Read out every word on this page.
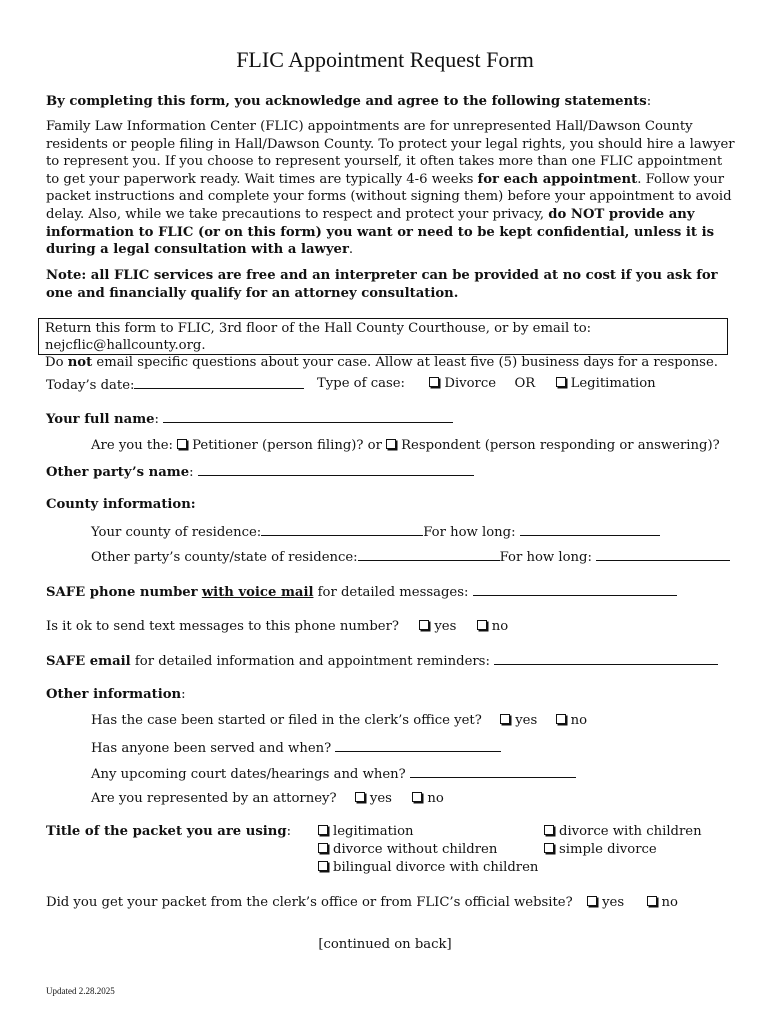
FLIC Appointment Request Form
By completing this form, you acknowledge and agree to the following statements:
Family Law Information Center (FLIC) appointments are for unrepresented Hall/Dawson County residents or people filing in Hall/Dawson County. To protect your legal rights, you should hire a lawyer to represent you. If you choose to represent yourself, it often takes more than one FLIC appointment to get your paperwork ready. Wait times are typically 4-6 weeks for each appointment. Follow your packet instructions and complete your forms (without signing them) before your appointment to avoid delay. Also, while we take precautions to respect and protect your privacy, do NOT provide any information to FLIC (or on this form) you want or need to be kept confidential, unless it is during a legal consultation with a lawyer.
Note: all FLIC services are free and an interpreter can be provided at no cost if you ask for one and financially qualify for an attorney consultation.
Return this form to FLIC, 3rd floor of the Hall County Courthouse, or by email to: nejcflic@hallcounty.org.
Do not email specific questions about your case. Allow at least five (5) business days for a response.
Today’s date:	Type of case:	Divorce OR	Legitimation
Your full name:
Are you the: Petitioner (person filing)? or Respondent (person responding or answering)?
Other party’s name:
County information:
Your county of residence:	For how long:
Other party’s county/state of residence:	For how long:
SAFE phone number with voice mail for detailed messages:
Is it ok to send text messages to this phone number?	yes	no
SAFE email for detailed information and appointment reminders:
Other information:
Has the case been started or filed in the clerk’s office yet?	yes	no
Has anyone been served and when?
Any upcoming court dates/hearings and when?
Are you represented by an attorney?	yes	no
Title of the packet you are using:	legitimation	divorce with children
divorce without children	simple divorce
bilingual divorce with children
Did you get your packet from the clerk’s office or from FLIC’s official website? yes	no
[continued on back]
Updated 2.28.2025
